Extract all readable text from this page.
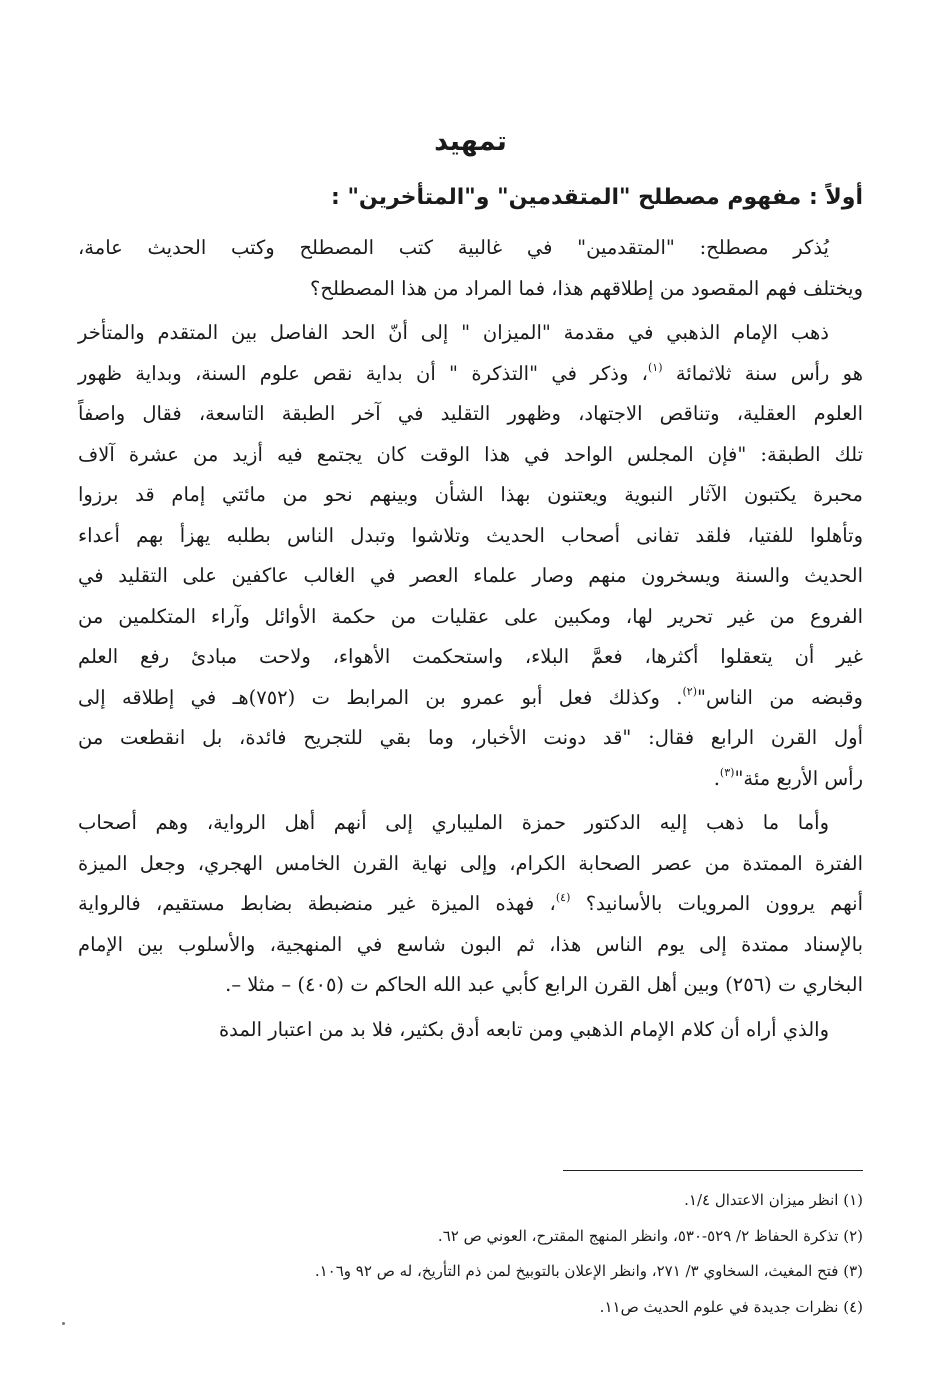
تمهيد
أولاً : مفهوم مصطلح "المتقدمين" و"المتأخرين" :

يُذكر مصطلح: "المتقدمين" في غالبية كتب المصطلح وكتب الحديث عامة،
ويختلف فهم المقصود من إطلاقهم هذا، فما المراد من هذا المصطلح؟

ذهب الإمام الذهبي في مقدمة "الميزان " إلى أنّ الحد الفاصل بين المتقدم والمتأخر
هو رأس سنة ثلاثمائة $^{(١)}$، وذكر في "التذكرة " أن بداية نقص علوم السنة، وبداية ظهور
العلوم العقلية، وتناقص الاجتهاد، وظهور التقليد في آخر الطبقة التاسعة، فقال واصفاً
تلك الطبقة: "فإن المجلس الواحد في هذا الوقت كان يجتمع فيه أزيد من عشرة آلاف
محبرة يكتبون الآثار النبوية ويعتنون بهذا الشأن وبينهم نحو من مائتي إمام قد برزوا
وتأهلوا للفتيا، فلقد تفانى أصحاب الحديث وتلاشوا وتبدل الناس بطلبه يهزأ بهم أعداء
الحديث والسنة ويسخرون منهم وصار علماء العصر في الغالب عاكفين على التقليد في
الفروع من غير تحرير لها، ومكبين على عقليات من حكمة الأوائل وآراء المتكلمين من
غير أن يتعقلوا أكثرها، فعمَّ البلاء، واستحكمت الأهواء، ولاحت مبادئ رفع العلم
وقبضه من الناس"$^{(٢)}$. وكذلك فعل أبو عمرو بن المرابط ت (٧٥٢)هـ في إطلاقه إلى
أول القرن الرابع فقال: "قد دونت الأخبار، وما بقي للتجريح فائدة، بل انقطعت من
رأس الأربع مئة"$^{(٣)}$.

وأما ما ذهب إليه الدكتور حمزة المليباري إلى أنهم أهل الرواية، وهم أصحاب
الفترة الممتدة من عصر الصحابة الكرام، وإلى نهاية القرن الخامس الهجري، وجعل الميزة
أنهم يروون المرويات بالأسانيد؟ $^{(٤)}$، فهذه الميزة غير منضبطة بضابط مستقيم، فالرواية
بالإسناد ممتدة إلى يوم الناس هذا، ثم البون شاسع في المنهجية، والأسلوب بين الإمام
البخاري ت (٢٥٦) وبين أهل القرن الرابع كأبي عبد الله الحاكم ت (٤٠٥) – مثلا –.

والذي أراه أن كلام الإمام الذهبي ومن تابعه أدق بكثير، فلا بد من اعتبار المدة

(١) انظر ميزان الاعتدال ١/٤.
(٢) تذكرة الحفاظ ٢/ ٥٢٩-٥٣٠، وانظر المنهج المقترح، العوني ص ٦٢.
(٣) فتح المغيث، السخاوي ٣/ ٢٧١، وانظر الإعلان بالتوبيخ لمن ذم التأريخ، له ص ٩٢ و١٠٦.
(٤) نظرات جديدة في علوم الحديث ص١١.
